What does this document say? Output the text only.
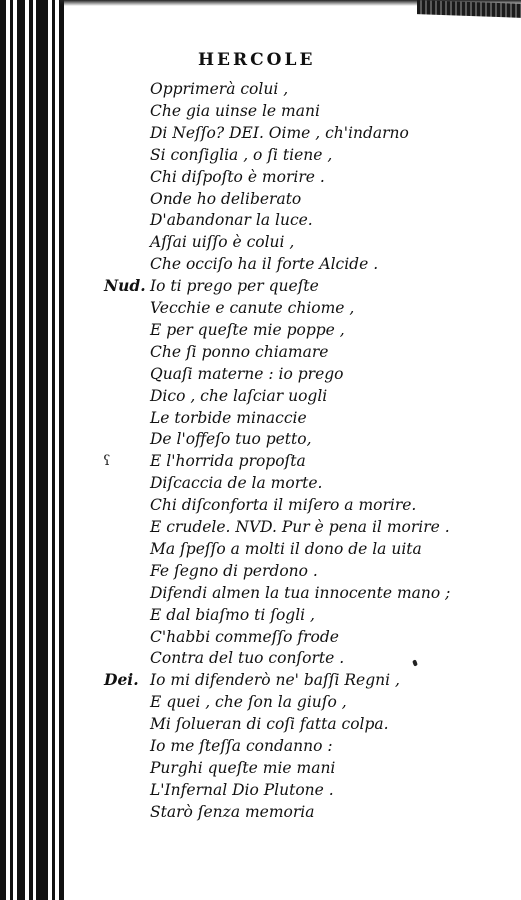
HERCOLE
Opprimerà colui ,
Che gia uinse le mani
Di Neſſo? DEI. Oime , ch'indarno
Si conſiglia , o ſi tiene ,
Chi diſpoſto è morire .
Onde ho deliberato
D'abandonar la luce.
Aſſai uiſſo è colui ,
Che occiſo ha il forte Alcide .
Nud. Io ti prego per queſte
Vecchie e canute chiome ,
E per queſte mie poppe ,
Che ſi ponno chiamare
Quaſi materne : io prego
Dico , che laſciar uogli
Le torbide minaccie
De l'offeſo tuo petto,
E l'horrida propoſta
Diſcaccia de la morte.
Chi diſconforta il miſero a morire.
E crudele. NVD. Pur è pena il morire .
Ma ſpeſſo a molti il dono de la uita
Fe ſegno di perdono .
Difendi almen la tua innocente mano ;
E dal biaſmo ti ſogli ,
C'habbi commeſſo frode
Contra del tuo conſorte .
Dei. Io mi difenderò ne' baſſi Regni ,
E quei , che ſon la giuſo ,
Mi ſolueran di coſi fatta colpa.
Io me ſteſſa condanno :
Purghi queſte mie mani
L'Infernal Dio Plutone .
Starò ſenza memoria
ʕ
